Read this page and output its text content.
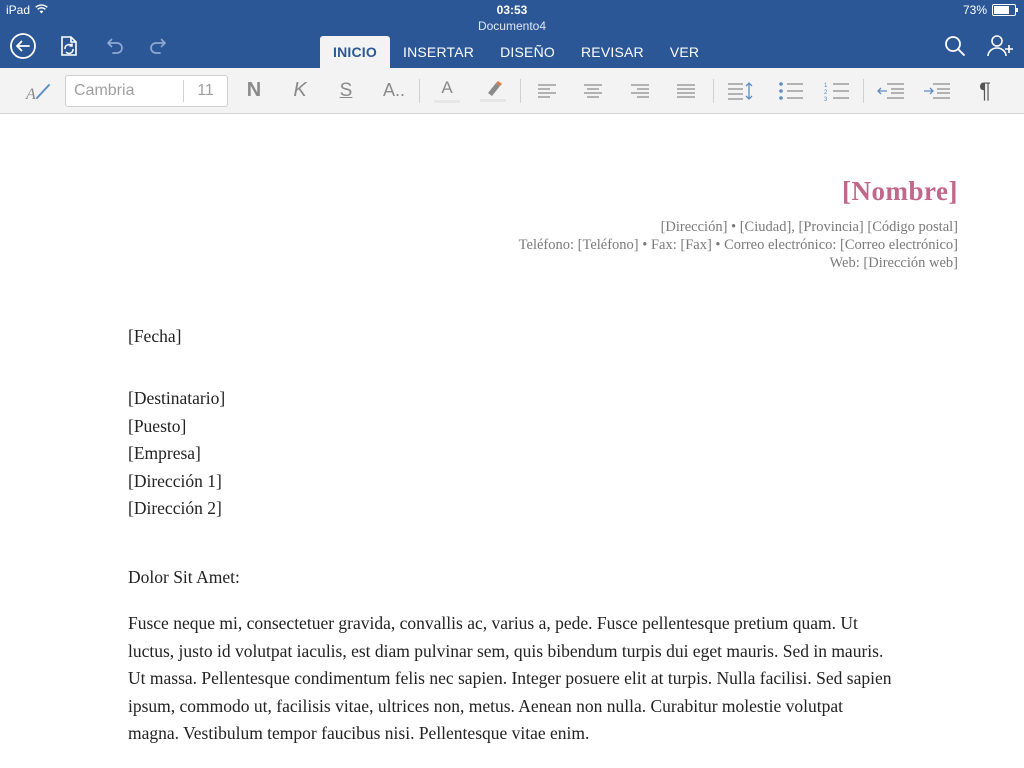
iPad	03:53	73%
Documento4
INICIO	INSERTAR	DISEÑO	REVISAR	VER
A Cambria	11	N	K	S	A.. A	1
2
3	¶
[Nombre]
[Dirección] • [Ciudad], [Provincia] [Código postal]
Teléfono: [Teléfono] • Fax: [Fax] • Correo electrónico: [Correo electrónico]
Web: [Dirección web]
[Fecha]
[Destinatario]
[Puesto]
[Empresa]
[Dirección 1]
[Dirección 2]
Dolor Sit Amet:
Fusce neque mi, consectetuer gravida, convallis ac, varius a, pede. Fusce pellentesque pretium quam. Ut luctus, justo id volutpat iaculis, est diam pulvinar sem, quis bibendum turpis dui eget mauris. Sed in mauris. Ut massa. Pellentesque condimentum felis nec sapien. Integer posuere elit at turpis. Nulla facilisi. Sed sapien ipsum, commodo ut, facilisis vitae, ultrices non, metus. Aenean non nulla. Curabitur molestie volutpat magna. Vestibulum tempor faucibus nisi. Pellentesque vitae enim.
